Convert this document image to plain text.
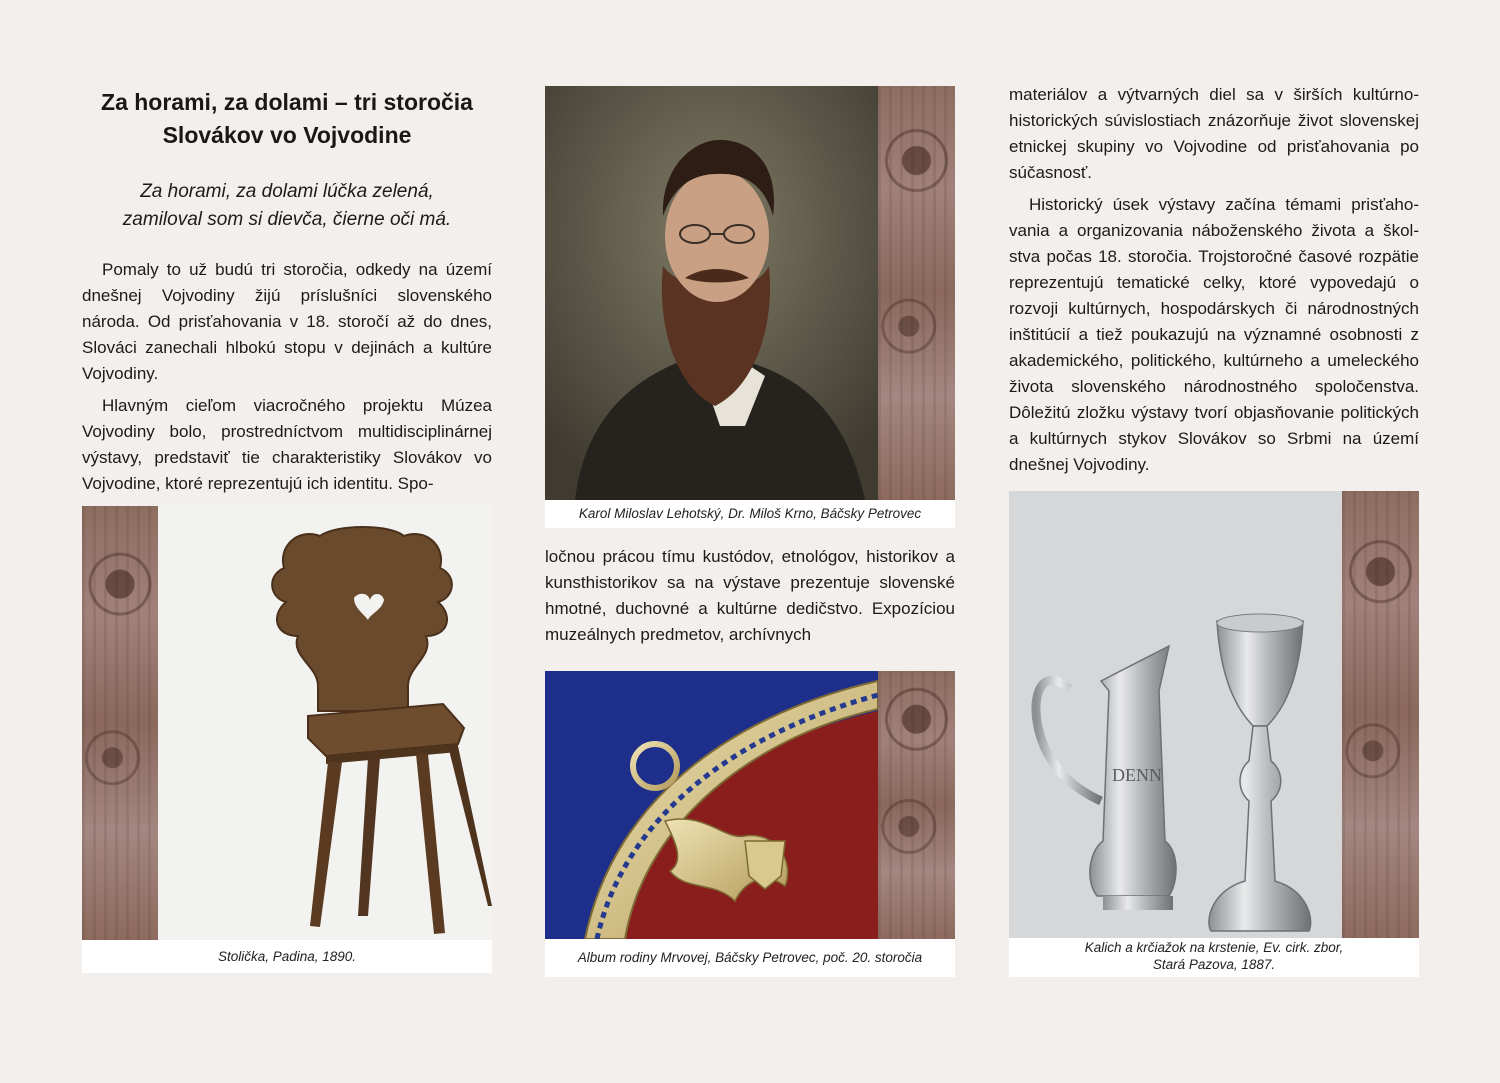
Za horami, za dolami – tri storočia
Slovákov vo Vojvodine
Za horami, za dolami lúčka zelená,
zamiloval som si dievča, čierne oči má.

Pomaly to už budú tri storočia, odkedy na území dnešnej Vojvodiny žijú príslušníci slovenského národa. Od prisťahovania v 18. storočí až do dnes, Slováci zanechali hlbokú stopu v dejinách a kultúre Vojvodiny.

Hlavným cieľom viacročného projektu Múzea Vojvodiny bolo, prostredníctvom multidisciplinárnej výstavy, predstaviť tie charakteristiky Slovákov vo Vojvodine, ktoré reprezentujú ich identitu. Spo-

Stolička, Padina, 1890.
Karol Miloslav Lehotský, Dr. Miloš Krno, Báčsky Petrovec

ločnou prácou tímu kustódov, etnológov, historikov a kunsthistorikov sa na výstave prezentuje slovenské hmotné, duchovné a kultúrne dedičstvo. Expozíciou muzeálnych predmetov, archívnych

Album rodiny Mrvovej, Báčsky Petrovec, poč. 20. storočia

materiálov a výtvarných diel sa v širších kultúrno-historických súvislostiach znázorňuje život slovenskej etnickej skupiny vo Vojvodine od prisťahovania po súčasnosť.

Historický úsek výstavy začína témami prisťahovania a organizovania náboženského života a školstva počas 18. storočia. Trojstoročné časové rozpätie reprezentujú tematické celky, ktoré vypovedajú o rozvoji kultúrnych, hospodárskych či národnostných inštitúcií a tiež poukazujú na významné osobnosti z akademického, politického, kultúrneho a umeleckého života slovenského národnostného spoločenstva. Dôležitú zložku výstavy tvorí objasňovanie politických a kultúrnych stykov Slovákov so Srbmi na území dnešnej Vojvodiny.

DENN
Kalich a krčiažok na krstenie, Ev. cirk. zbor,
Stará Pazova, 1887.
